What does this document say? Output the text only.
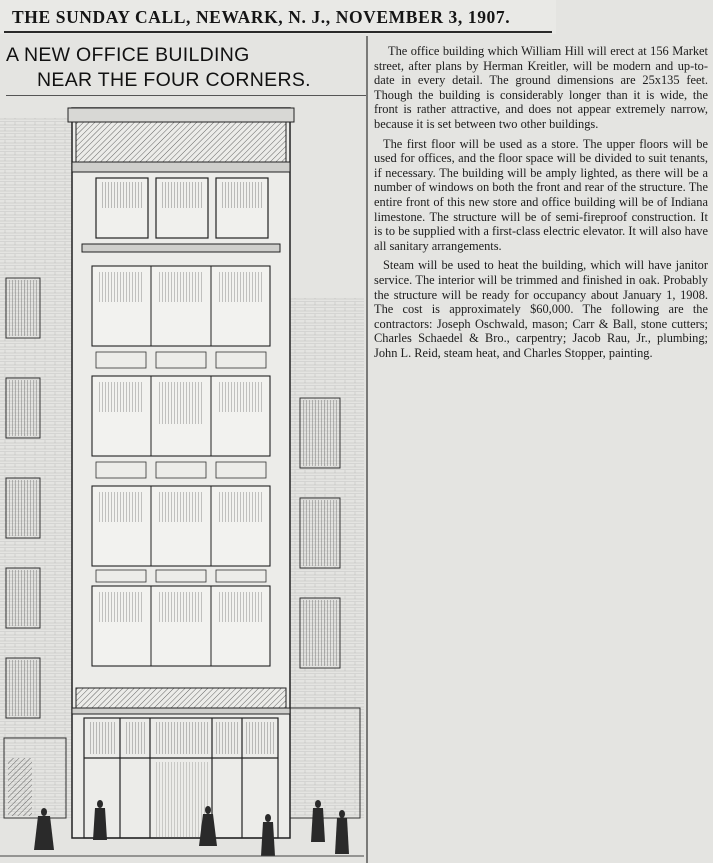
THE SUNDAY CALL, NEWARK, N. J., NOVEMBER 3, 1907.
A NEW OFFICE BUILDING
NEAR THE FOUR CORNERS.

The office building which William Hill will erect at 156 Market street, after plans by Herman Kreitler, will be modern and up-to-date in every detail. The ground dimensions are 25x135 feet. Though the building is considerably longer than it is wide, the front is rather attractive, and does not appear extremely narrow, because it is set between two other buildings.

The first floor will be used as a store. The upper floors will be used for offices, and the floor space will be divided to suit tenants, if necessary. The building will be amply lighted, as there will be a number of windows on both the front and rear of the structure. The entire front of this new store and office building will be of Indiana limestone. The structure will be of semi-fireproof construction. It is to be supplied with a first-class electric elevator. It will also have all sanitary arrangements.

Steam will be used to heat the building, which will have janitor service. The interior will be trimmed and finished in oak. Probably the structure will be ready for occupancy about January 1, 1908. The cost is approximately $60,000. The following are the contractors: Joseph Oschwald, mason; Carr & Ball, stone cutters; Charles Schaedel & Bro., carpentry; Jacob Rau, Jr., plumbing; John L. Reid, steam heat, and Charles Stopper, painting.
